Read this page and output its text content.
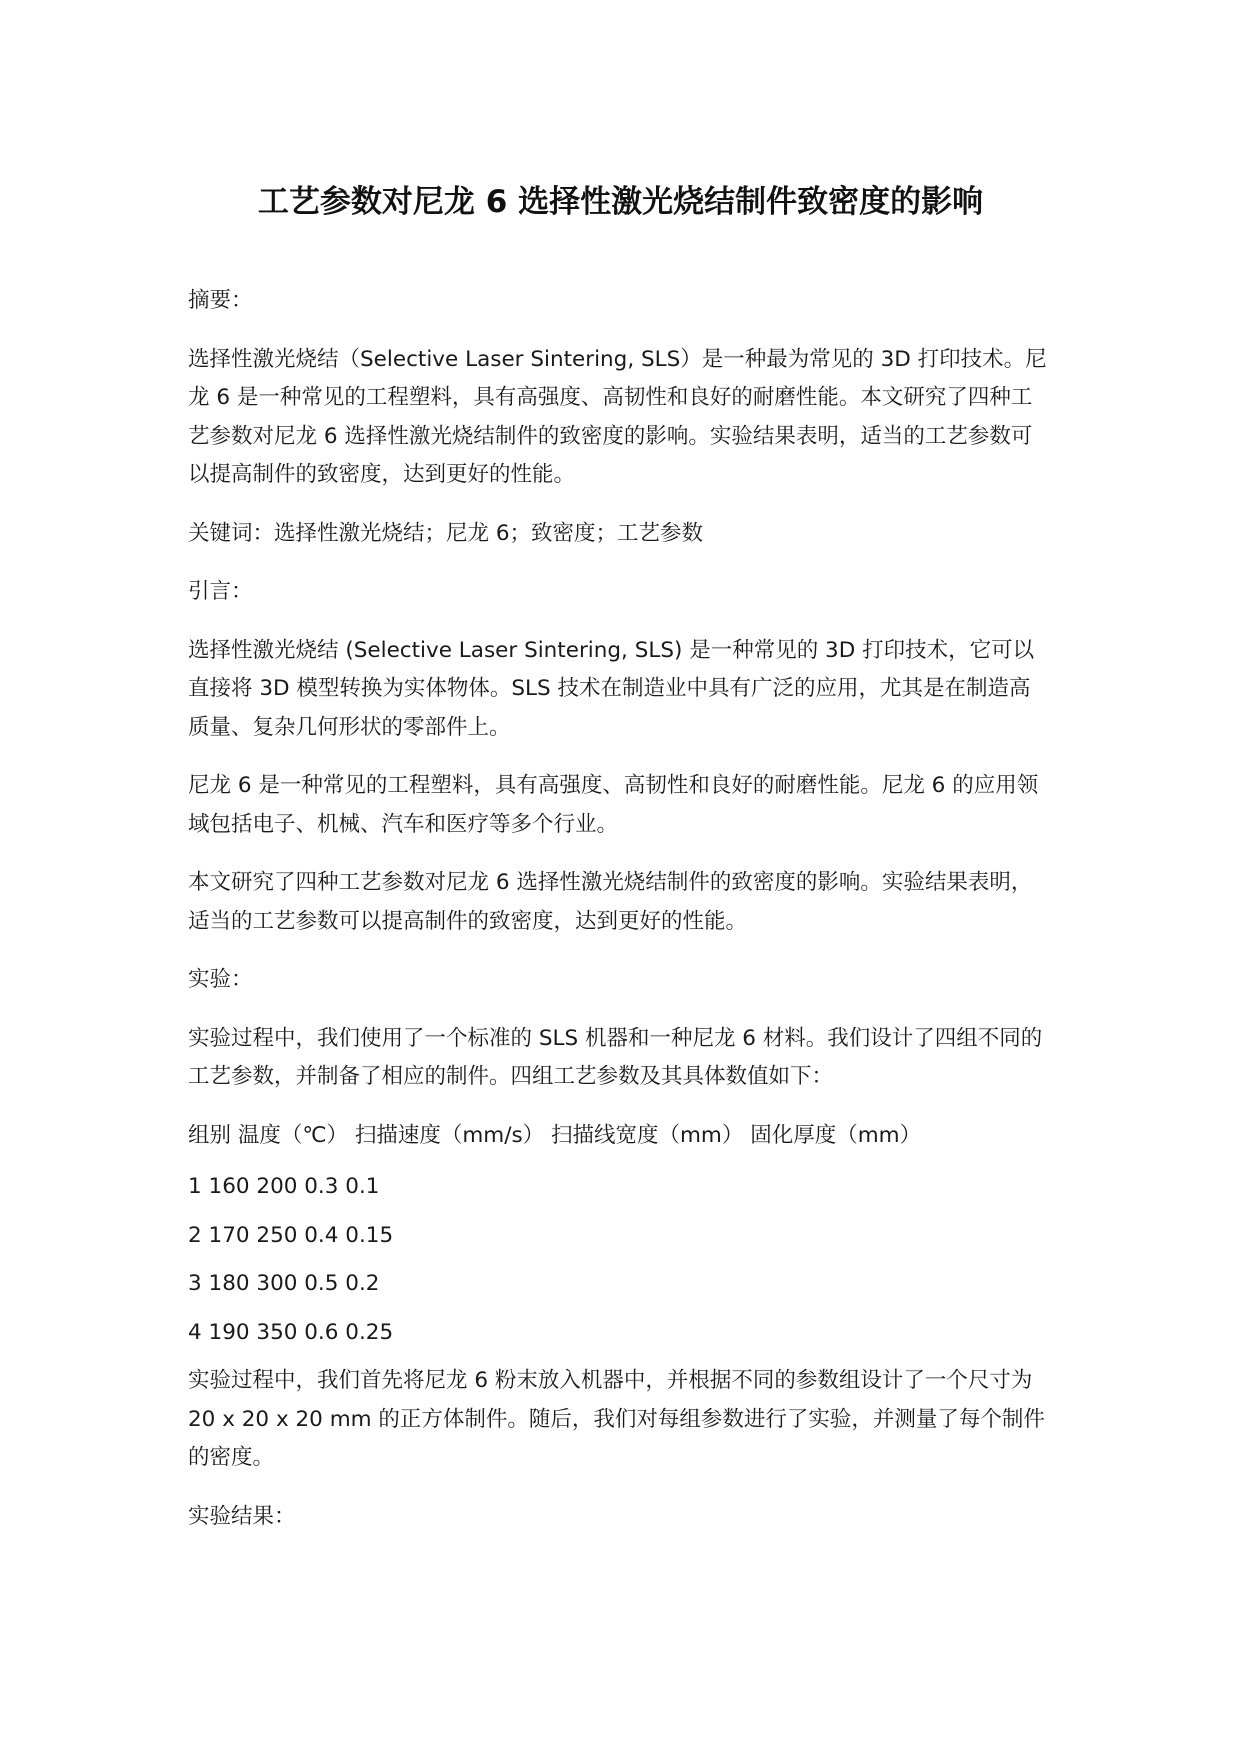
工艺参数对尼龙 6 选择性激光烧结制件致密度的影响

摘要：

选择性激光烧结（Selective Laser Sintering, SLS）是一种最为常见的 3D 打印技术。尼龙 6 是一种常见的工程塑料，具有高强度、高韧性和良好的耐磨性能。本文研究了四种工艺参数对尼龙 6 选择性激光烧结制件的致密度的影响。实验结果表明，适当的工艺参数可以提高制件的致密度，达到更好的性能。

关键词：选择性激光烧结；尼龙 6；致密度；工艺参数

引言：

选择性激光烧结 (Selective Laser Sintering, SLS) 是一种常见的 3D 打印技术，它可以直接将 3D 模型转换为实体物体。SLS 技术在制造业中具有广泛的应用，尤其是在制造高质量、复杂几何形状的零部件上。

尼龙 6 是一种常见的工程塑料，具有高强度、高韧性和良好的耐磨性能。尼龙 6 的应用领域包括电子、机械、汽车和医疗等多个行业。

本文研究了四种工艺参数对尼龙 6 选择性激光烧结制件的致密度的影响。实验结果表明，适当的工艺参数可以提高制件的致密度，达到更好的性能。

实验：

实验过程中，我们使用了一个标准的 SLS 机器和一种尼龙 6 材料。我们设计了四组不同的工艺参数，并制备了相应的制件。四组工艺参数及其具体数值如下：

组别 温度（℃） 扫描速度（mm/s） 扫描线宽度（mm） 固化厚度（mm）

1 160 200 0.3 0.1

2 170 250 0.4 0.15

3 180 300 0.5 0.2

4 190 350 0.6 0.25

实验过程中，我们首先将尼龙 6 粉末放入机器中，并根据不同的参数组设计了一个尺寸为 20 x 20 x 20 mm 的正方体制件。随后，我们对每组参数进行了实验，并测量了每个制件的密度。

实验结果：
